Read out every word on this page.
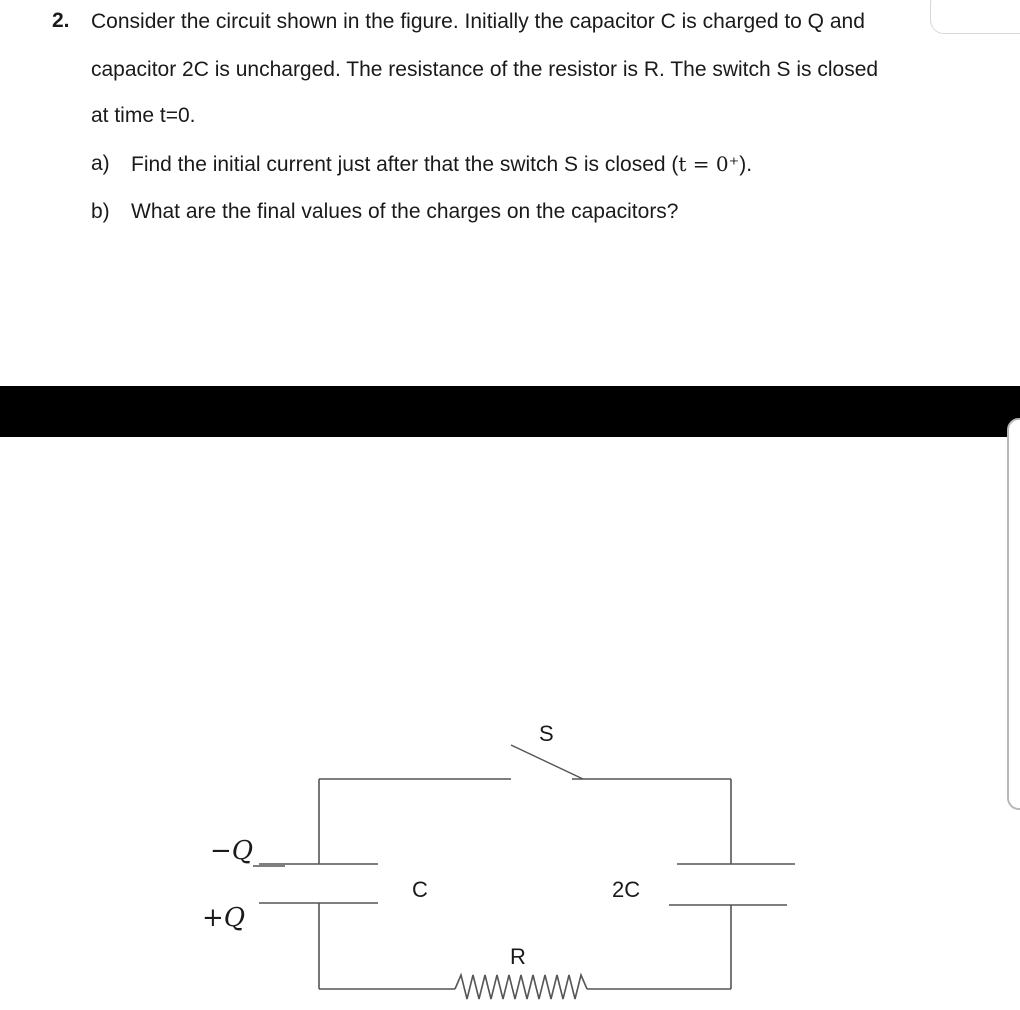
2. Consider the circuit shown in the figure. Initially the capacitor C is charged to Q and
capacitor 2C is uncharged. The resistance of the resistor is R. The switch S is closed
at time t=0.
a) Find the initial current just after that the switch S is closed (t = 0⁺).
b) What are the final values of the charges on the capacitors?
S
C	2C
R
−Q
+Q
